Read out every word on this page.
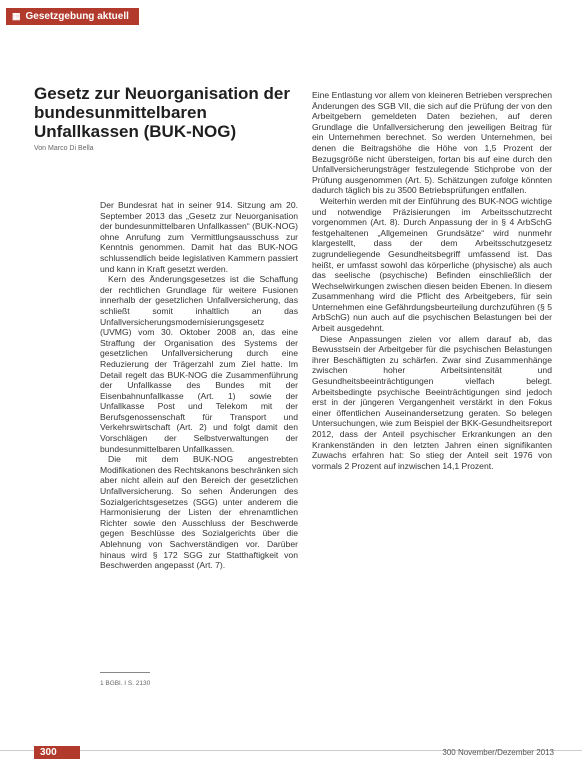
▦ Gesetzgebung aktuell
Gesetz zur Neuorganisation der bundesunmittelbaren Unfallkassen (BUK-NOG)
Von Marco Di Bella

Der Bundesrat hat in seiner 914. Sitzung am 20. September 2013 das „Gesetz zur Neuorganisation der bundesunmittelbaren Unfallkassen“ (BUK-NOG) ohne Anrufung zum Vermittlungsausschuss zur Kenntnis genommen. Damit hat das BUK-NOG schlussendlich beide legislativen Kammern passiert und kann in Kraft gesetzt werden.

Kern des Änderungsgesetzes ist die Schaffung der rechtlichen Grundlage für weitere Fusionen innerhalb der gesetzlichen Unfallversicherung, das schließt somit inhaltlich an das Unfallversicherungsmodernisierungsgesetz (UVMG) vom 30. Oktober 2008 an, das eine Straffung der Organisation des Systems der gesetzlichen Unfallversicherung durch eine Reduzierung der Trägerzahl zum Ziel hatte. Im Detail regelt das BUK-NOG die Zusammenführung der Unfallkasse des Bundes mit der Eisenbahnunfallkasse (Art. 1) sowie der Unfallkasse Post und Telekom mit der Berufsgenossenschaft für Transport und Verkehrswirtschaft (Art. 2) und folgt damit den Vorschlägen der Selbstverwaltungen der bundesunmittelbaren Unfallkassen.

Die mit dem BUK-NOG angestrebten Modifikationen des Rechtskanons beschränken sich aber nicht allein auf den Bereich der gesetzlichen Unfallversicherung. So sehen Änderungen des Sozialgerichtsgesetzes (SGG) unter anderem die Harmonisierung der Listen der ehrenamtlichen Richter sowie den Ausschluss der Beschwerde gegen Beschlüsse des Sozialgerichts über die Ablehnung von Sachverständigen vor. Darüber hinaus wird § 172 SGG zur Statthaftigkeit von Beschwerden angepasst (Art. 7).

Eine Entlastung vor allem von kleineren Betrieben versprechen Änderungen des SGB VII, die sich auf die Prüfung der von den Arbeitgebern gemeldeten Daten beziehen, auf deren Grundlage die Unfallversicherung den jeweiligen Beitrag für ein Unternehmen berechnet. So werden Unternehmen, bei denen die Beitragshöhe die Höhe von 1,5 Prozent der Bezugsgröße nicht übersteigen, fortan bis auf eine durch den Unfallversicherungsträger festzulegende Stichprobe von der Prüfung ausgenommen (Art. 5). Schätzungen zufolge könnten dadurch täglich bis zu 3500 Betriebsprüfungen entfallen.

Weiterhin werden mit der Einführung des BUK-NOG wichtige und notwendige Präzisierungen im Arbeitsschutzrecht vorgenommen (Art. 8). Durch Anpassung der in § 4 ArbSchG festgehaltenen „Allgemeinen Grundsätze“ wird nunmehr klargestellt, dass der dem Arbeitsschutzgesetz zugrundeliegende Gesundheitsbegriff umfassend ist. Das heißt, er umfasst sowohl das körperliche (physische) als auch das seelische (psychische) Befinden einschließlich der Wechselwirkungen zwischen diesen beiden Ebenen. In diesem Zusammenhang wird die Pflicht des Arbeitgebers, für sein Unternehmen eine Gefährdungsbeurteilung durchzuführen (§ 5 ArbSchG) nun auch auf die psychischen Belastungen bei der Arbeit ausgedehnt.

Diese Anpassungen zielen vor allem darauf ab, das Bewusstsein der Arbeitgeber für die psychischen Belastungen ihrer Beschäftigten zu schärfen. Zwar sind Zusammenhänge zwischen hoher Arbeitsintensität und Gesundheitsbeeinträchtigungen vielfach belegt. Arbeitsbedingte psychische Beeinträchtigungen sind jedoch erst in der jüngeren Vergangenheit verstärkt in den Fokus einer öffentlichen Auseinandersetzung geraten. So belegen Untersuchungen, wie zum Beispiel der BKK-Gesundheitsreport 2012, dass der Anteil psychischer Erkrankungen an den Krankenständen in den letzten Jahren einen signifikanten Zuwachs erfahren hat: So stieg der Anteil seit 1976 von vormals 2 Prozent auf inzwischen 14,1 Prozent.

1 BGBl. I S. 2130
300	300 November/Dezember 2013
